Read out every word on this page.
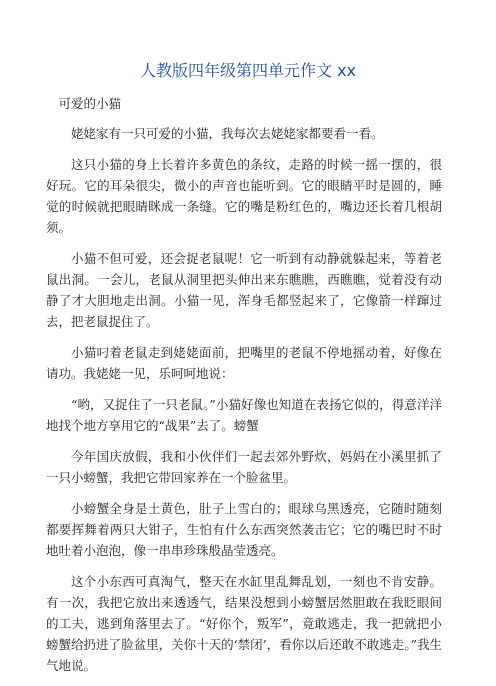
人教版四年级第四单元作文 xx

可爱的小猫

姥姥家有一只可爱的小猫，我每次去姥姥家都要看一看。

这只小猫的身上长着许多黄色的条纹，走路的时候一摇一摆的，很好玩。它的耳朵很尖，微小的声音也能听到。它的眼睛平时是圆的，睡觉的时候就把眼睛眯成一条缝。它的嘴是粉红色的，嘴边还长着几根胡须。

小猫不但可爱，还会捉老鼠呢！它一听到有动静就躲起来，等着老鼠出洞。一会儿，老鼠从洞里把头伸出来东瞧瞧，西瞧瞧，觉着没有动静了才大胆地走出洞。小猫一见，浑身毛都竖起来了，它像箭一样蹿过去，把老鼠捉住了。

小猫叼着老鼠走到姥姥面前，把嘴里的老鼠不停地摇动着，好像在请功。我姥姥一见，乐呵呵地说：

“哟，又捉住了一只老鼠。”小猫好像也知道在表扬它似的，得意洋洋地找个地方享用它的“战果”去了。螃蟹

今年国庆放假，我和小伙伴们一起去郊外野炊，妈妈在小溪里抓了一只小螃蟹，我把它带回家养在一个脸盆里。

小螃蟹全身是土黄色，肚子上雪白的；眼球乌黑透亮，它随时随刻都要挥舞着两只大钳子，生怕有什么东西突然袭击它；它的嘴巴时不时地吐着小泡泡，像一串串珍珠般晶莹透亮。

这个小东西可真淘气，整天在水缸里乱舞乱划，一刻也不肯安静。有一次，我把它放出来透透气，结果没想到小螃蟹居然胆敢在我眨眼间的工夫，逃到角落里去了。“好你个，叛军”，竟敢逃走，我一把就把小螃蟹给扔进了脸盆里，关你十天的‘禁闭’，看你以后还敢不敢逃走。”我生气地说。
